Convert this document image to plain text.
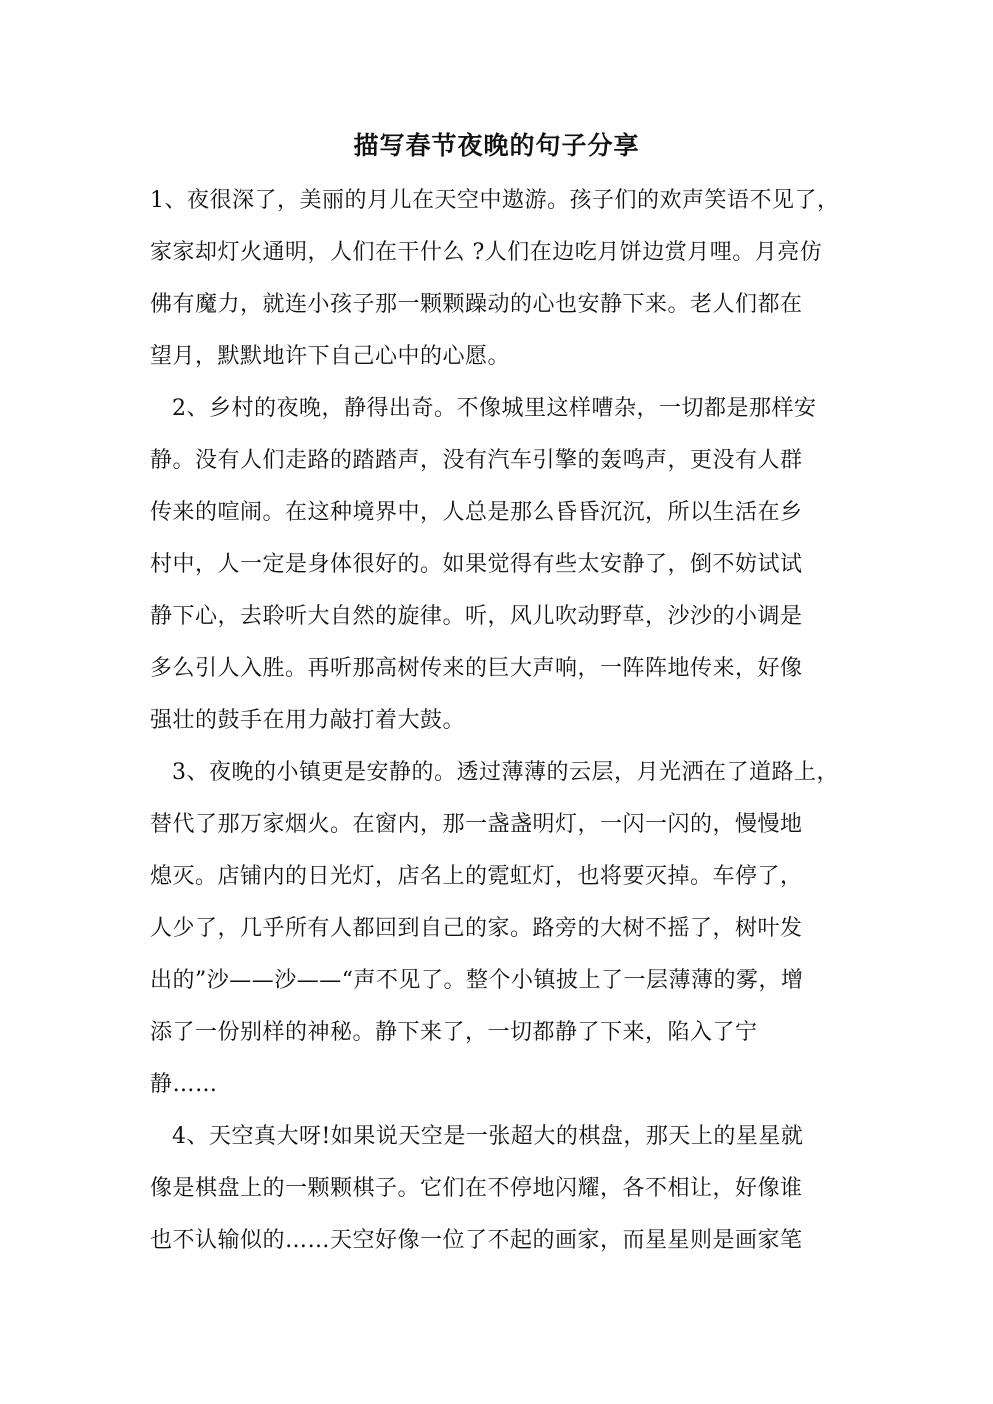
描写春节夜晚的句子分享
1、夜很深了，美丽的月儿在天空中遨游。孩子们的欢声笑语不见了，
家家却灯火通明，人们在干什么 ?人们在边吃月饼边赏月哩。月亮仿
佛有魔力，就连小孩子那一颗颗躁动的心也安静下来。老人们都在
望月，默默地许下自己心中的心愿。
2、乡村的夜晚，静得出奇。不像城里这样嘈杂，一切都是那样安
静。没有人们走路的踏踏声，没有汽车引擎的轰鸣声，更没有人群
传来的喧闹。在这种境界中，人总是那么昏昏沉沉，所以生活在乡
村中，人一定是身体很好的。如果觉得有些太安静了，倒不妨试试
静下心，去聆听大自然的旋律。听，风儿吹动野草，沙沙的小调是
多么引人入胜。再听那高树传来的巨大声响，一阵阵地传来，好像
强壮的鼓手在用力敲打着大鼓。
3、夜晚的小镇更是安静的。透过薄薄的云层，月光洒在了道路上，
替代了那万家烟火。在窗内，那一盏盏明灯，一闪一闪的，慢慢地
熄灭。店铺内的日光灯，店名上的霓虹灯，也将要灭掉。车停了，
人少了，几乎所有人都回到自己的家。路旁的大树不摇了，树叶发
出的”沙——沙——“声不见了。整个小镇披上了一层薄薄的雾，增
添了一份别样的神秘。静下来了，一切都静了下来，陷入了宁
静……
4、天空真大呀!如果说天空是一张超大的棋盘，那天上的星星就
像是棋盘上的一颗颗棋子。它们在不停地闪耀，各不相让，好像谁
也不认输似的……天空好像一位了不起的画家，而星星则是画家笔
